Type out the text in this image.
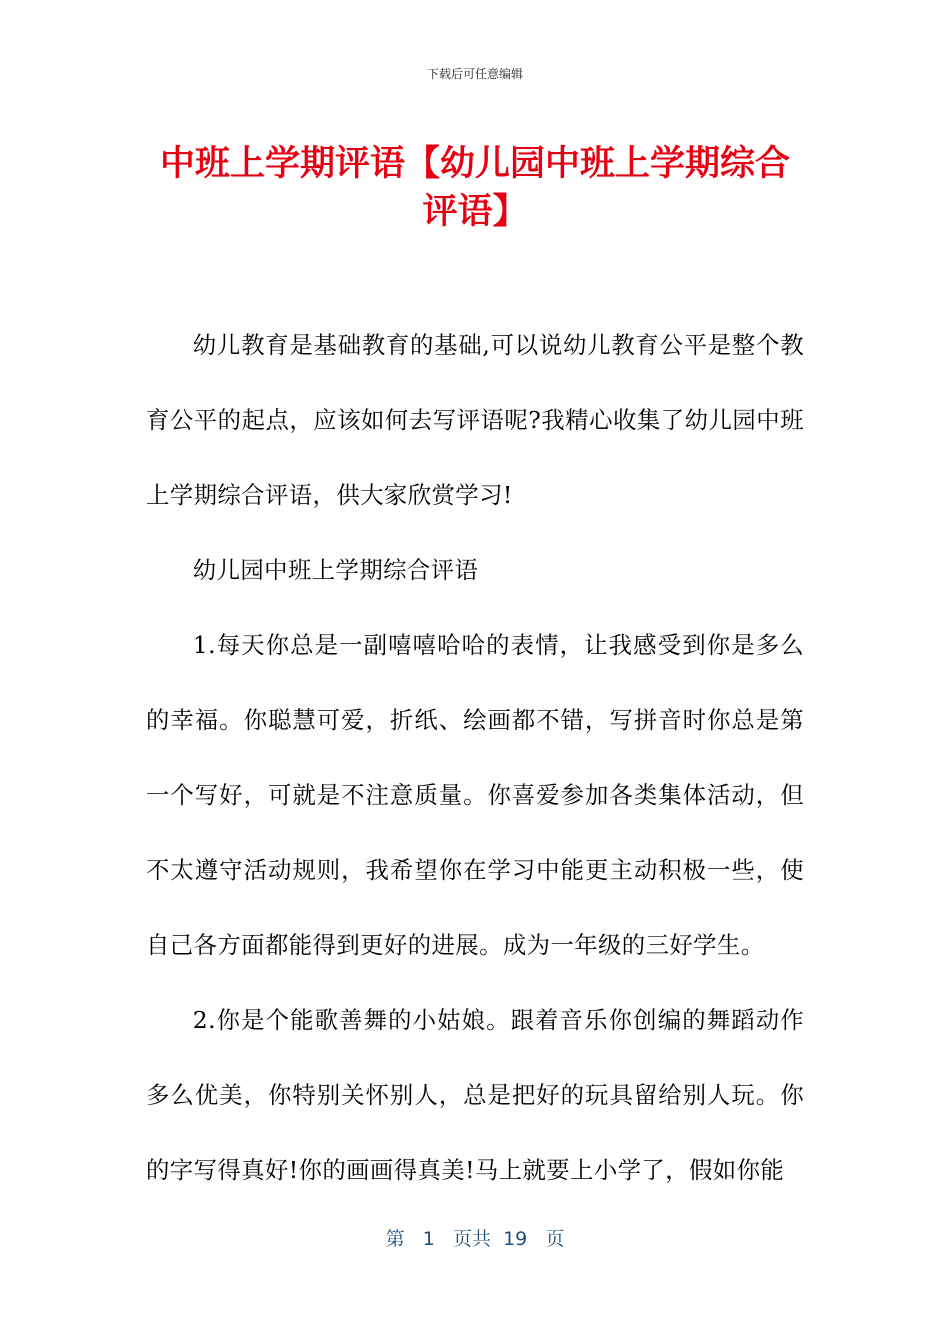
下载后可任意编辑
中班上学期评语【幼儿园中班上学期综合评语】

幼儿教育是基础教育的基础,可以说幼儿教育公平是整个教育公平的起点，应该如何去写评语呢?我精心收集了幼儿园中班上学期综合评语，供大家欣赏学习!

幼儿园中班上学期综合评语

1.每天你总是一副嘻嘻哈哈的表情，让我感受到你是多么的幸福。你聪慧可爱，折纸、绘画都不错，写拼音时你总是第一个写好，可就是不注意质量。你喜爱参加各类集体活动，但不太遵守活动规则，我希望你在学习中能更主动积极一些，使自己各方面都能得到更好的进展。成为一年级的三好学生。

2.你是个能歌善舞的小姑娘。跟着音乐你创编的舞蹈动作多么优美，你特别关怀别人，总是把好的玩具留给别人玩。你的字写得真好!你的画画得真美!马上就要上小学了，假如你能

第 1 页共 19 页
